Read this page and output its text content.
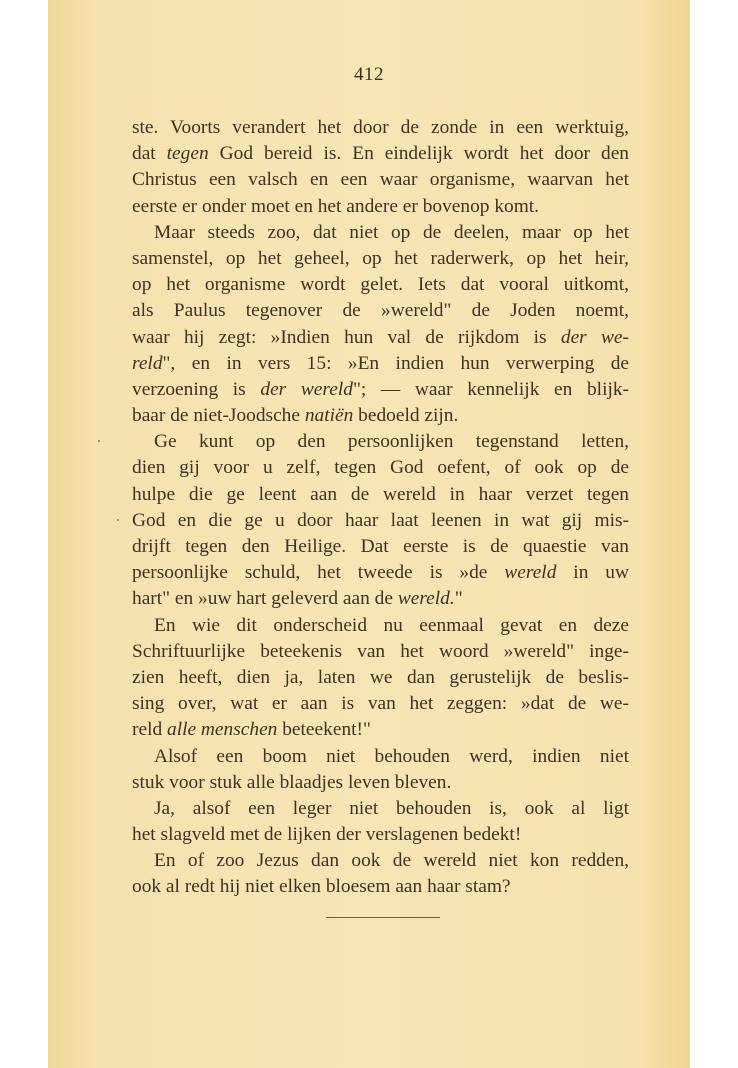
412
ste. Voorts verandert het door de zonde in een werktuig,
dat tegen God bereid is. En eindelijk wordt het door den
Christus een valsch en een waar organisme, waarvan het
eerste er onder moet en het andere er bovenop komt.
Maar steeds zoo, dat niet op de deelen, maar op het
samenstel, op het geheel, op het raderwerk, op het heir,
op het organisme wordt gelet. Iets dat vooral uitkomt,
als Paulus tegenover de »wereld" de Joden noemt,
waar hij zegt: »Indien hun val de rijkdom is der we-
reld", en in vers 15: »En indien hun verwerping de
verzoening is der wereld"; — waar kennelijk en blijk-
baar de niet-Joodsche natiën bedoeld zijn.
Ge kunt op den persoonlijken tegenstand letten,
dien gij voor u zelf, tegen God oefent, of ook op de
hulpe die ge leent aan de wereld in haar verzet tegen
God en die ge u door haar laat leenen in wat gij mis-
drijft tegen den Heilige. Dat eerste is de quaestie van
persoonlijke schuld, het tweede is »de wereld in uw
hart" en »uw hart geleverd aan de wereld."
En wie dit onderscheid nu eenmaal gevat en deze
Schriftuurlijke beteekenis van het woord »wereld" inge-
zien heeft, dien ja, laten we dan gerustelijk de beslis-
sing over, wat er aan is van het zeggen: »dat de we-
reld alle menschen beteekent!"
Alsof een boom niet behouden werd, indien niet
stuk voor stuk alle blaadjes leven bleven.
Ja, alsof een leger niet behouden is, ook al ligt
het slagveld met de lijken der verslagenen bedekt!
En of zoo Jezus dan ook de wereld niet kon redden,
ook al redt hij niet elken bloesem aan haar stam?
